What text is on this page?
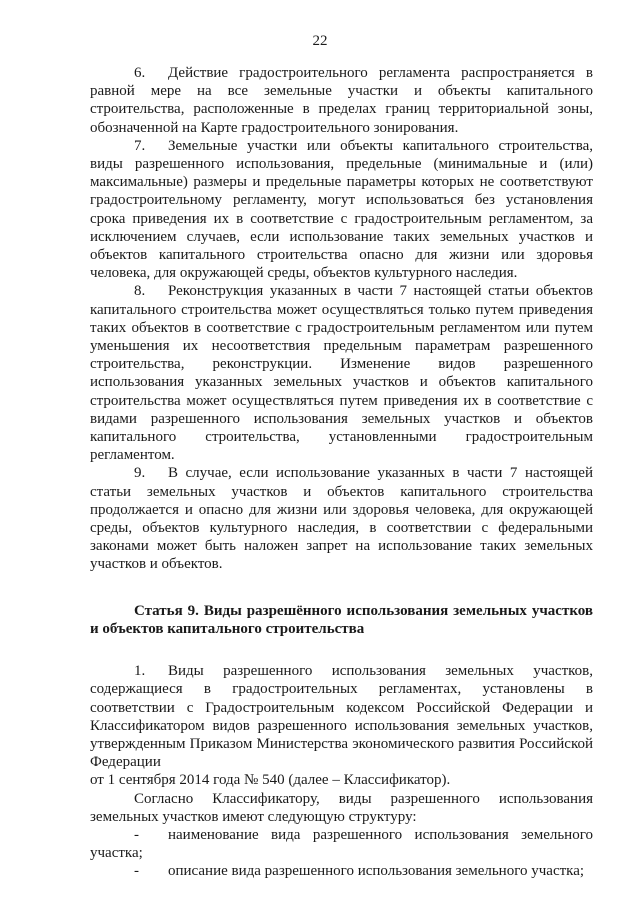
22

6. Действие градостроительного регламента распространяется в равной мере на все земельные участки и объекты капитального строительства, расположенные в пределах границ территориальной зоны, обозначенной на Карте градостроительного зонирования.

7. Земельные участки или объекты капитального строительства, виды разрешенного использования, предельные (минимальные и (или) максимальные) размеры и предельные параметры которых не соответствуют градостроительному регламенту, могут использоваться без установления срока приведения их в соответствие с градостроительным регламентом, за исключением случаев, если использование таких земельных участков и объектов капитального строительства опасно для жизни или здоровья человека, для окружающей среды, объектов культурного наследия.

8. Реконструкция указанных в части 7 настоящей статьи объектов капитального строительства может осуществляться только путем приведения таких объектов в соответствие с градостроительным регламентом или путем уменьшения их несоответствия предельным параметрам разрешенного строительства, реконструкции. Изменение видов разрешенного использования указанных земельных участков и объектов капитального строительства может осуществляться путем приведения их в соответствие с видами разрешенного использования земельных участков и объектов капитального строительства, установленными градостроительным регламентом.

9. В случае, если использование указанных в части 7 настоящей статьи земельных участков и объектов капитального строительства продолжается и опасно для жизни или здоровья человека, для окружающей среды, объектов культурного наследия, в соответствии с федеральными законами может быть наложен запрет на использование таких земельных участков и объектов.

Статья 9. Виды разрешённого использования земельных участков и объектов капитального строительства

1. Виды разрешенного использования земельных участков, содержащиеся в градостроительных регламентах, установлены в соответствии с Градостроительным кодексом Российской Федерации и Классификатором видов разрешенного использования земельных участков, утвержденным Приказом Министерства экономического развития Российской Федерации

от 1 сентября 2014 года № 540 (далее – Классификатор).

Согласно Классификатору, виды разрешенного использования земельных участков имеют следующую структуру:

- наименование вида разрешенного использования земельного участка;

- описание вида разрешенного использования земельного участка;
